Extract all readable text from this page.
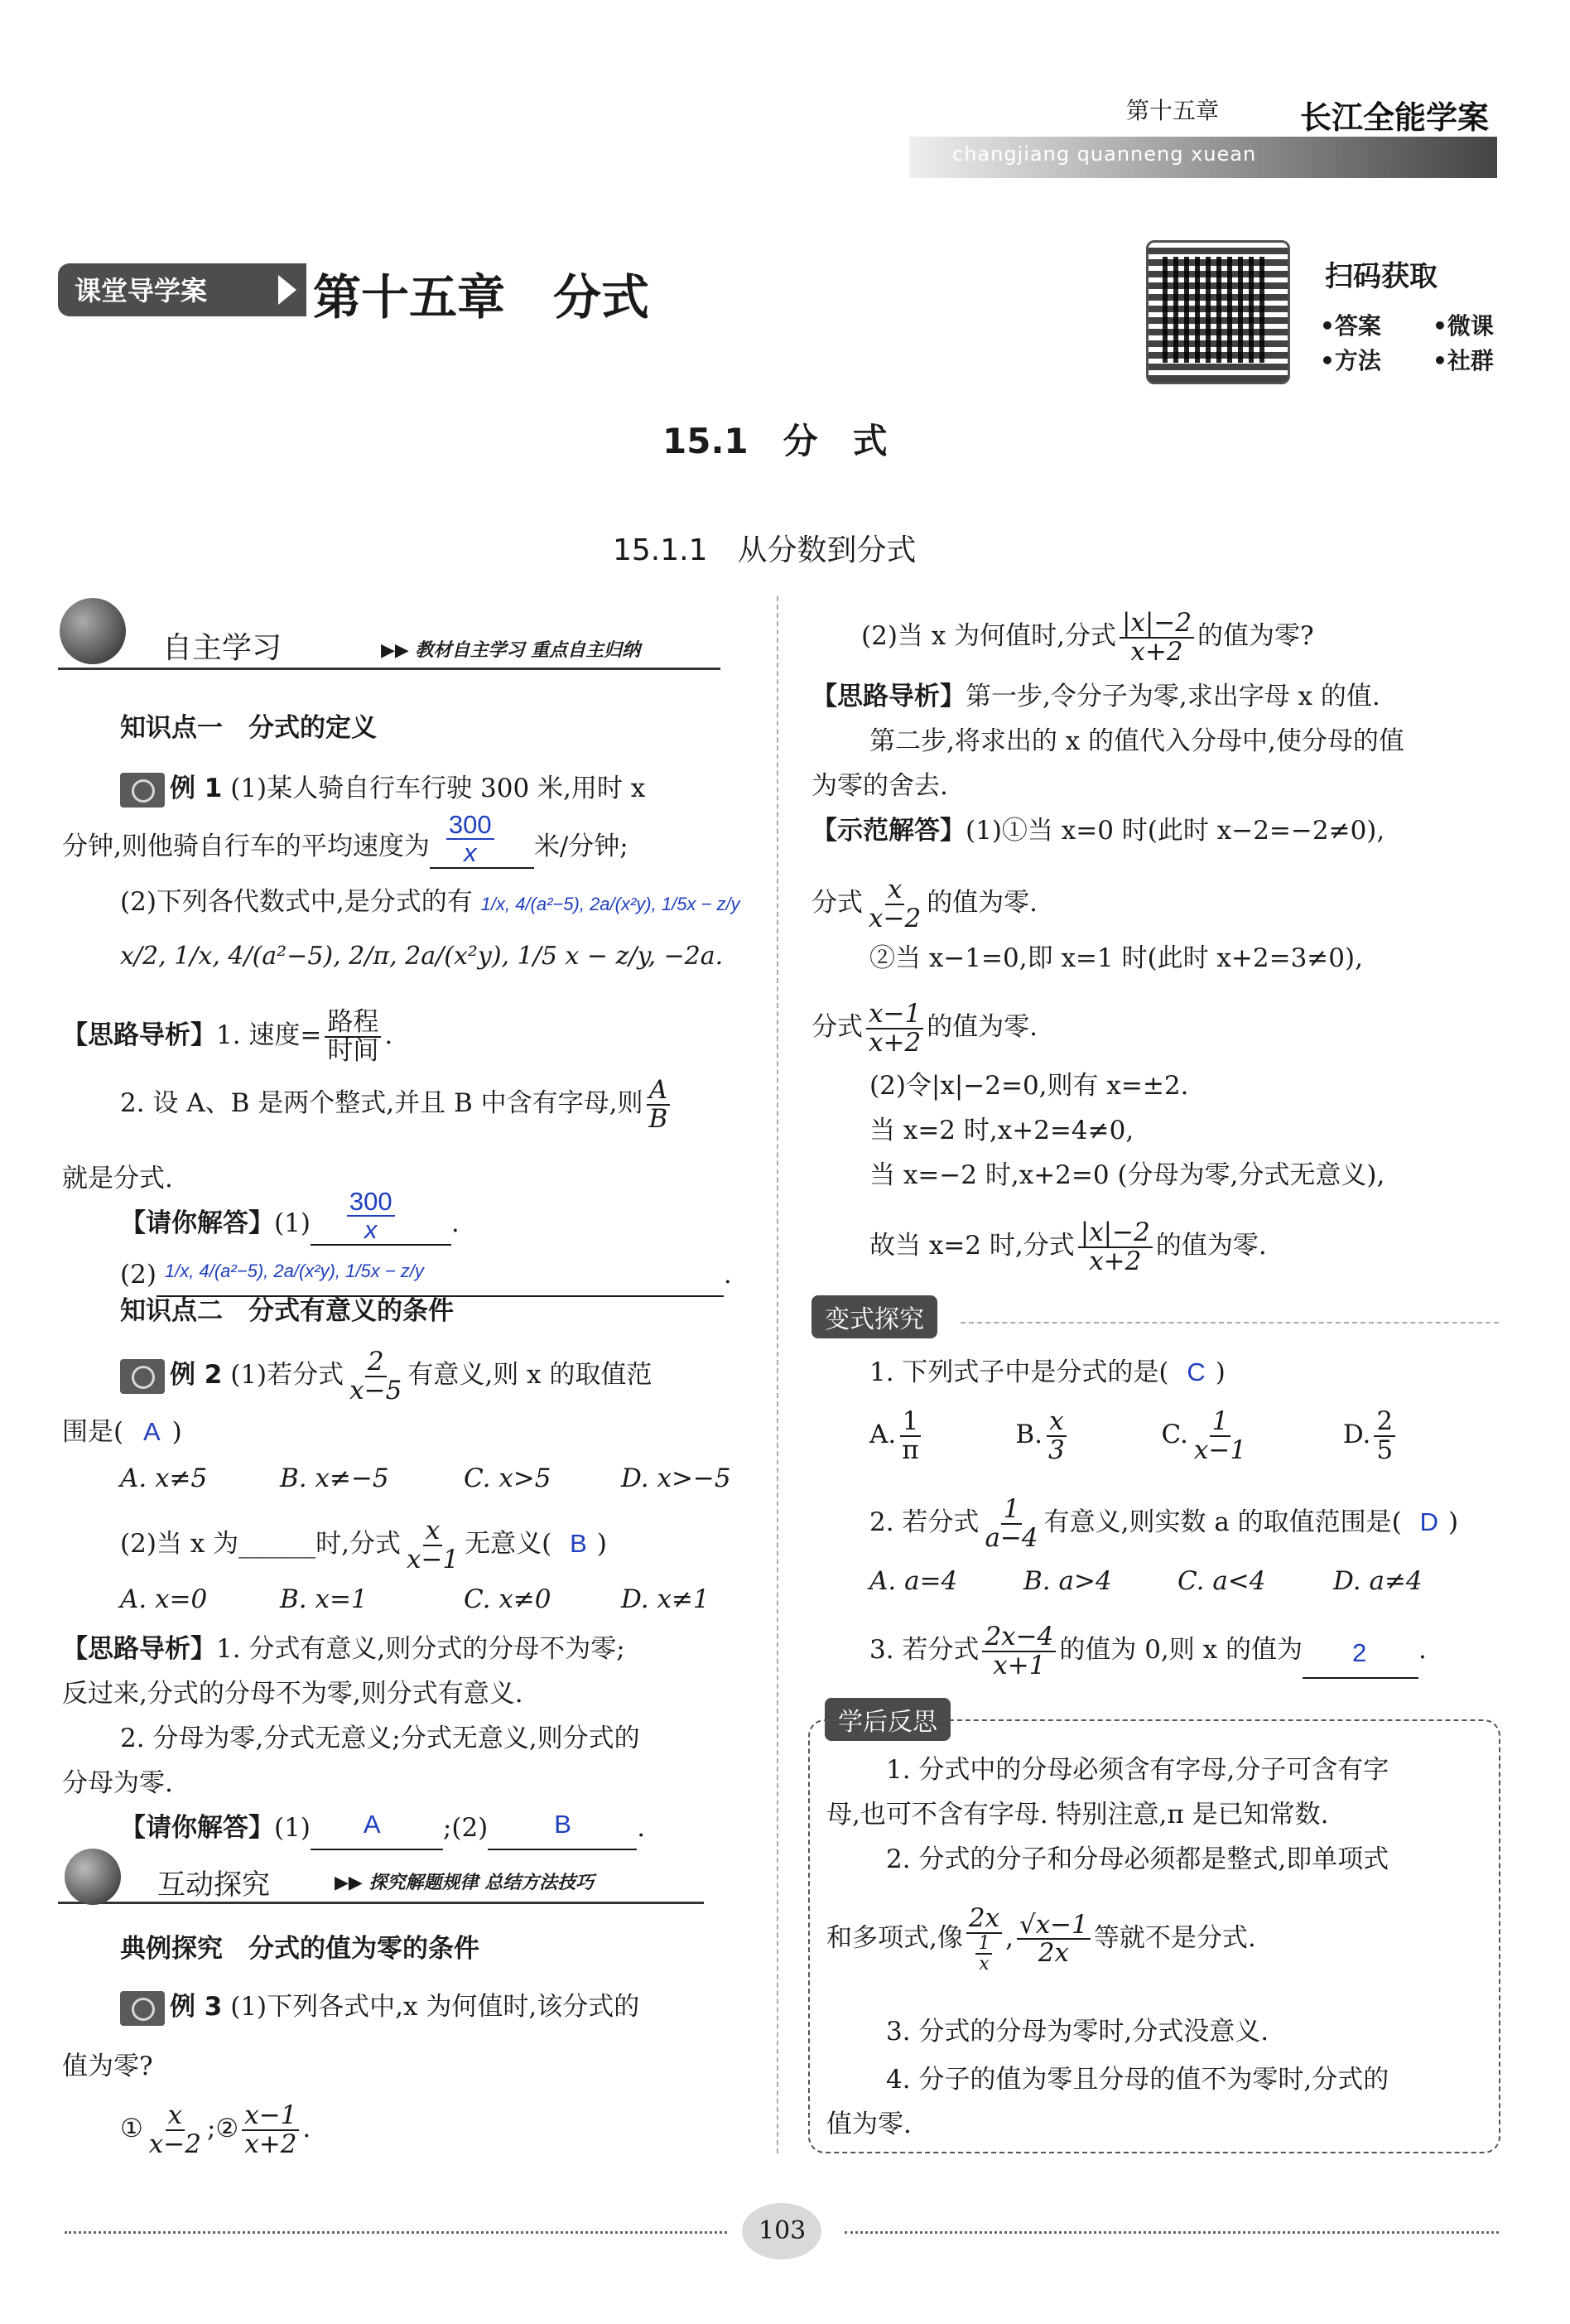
第十五章
changjiang quanneng xuean
长江全能学案
课堂导学案 第十五章　分式	扫码获取
•答案 •微课
•方法 •社群
15.1　分　式
15.1.1　从分数到分式
自主学习	▶▶ 教材自主学习 重点自主归纳
知识点一　分式的定义
例 1 (1)某人骑自行车行驶 300 米,用时 x
分钟,则他骑自行车的平均速度为 $\frac{300}{x}$ 米/分钟;
(2)下列各代数式中,是分式的有 1/x, 4/(a²−5), 2a/(x²y), 1/5x − z/y
x/2, 1/x, 4/(a²−5), 2/π, 2a/(x²y), 1/5 x − z/y, −2a.
【思路导析】1. 速度= $\frac{\text{路程}}{\text{时间}}$ .
2. 设 A、B 是两个整式,并且 B 中含有字母,则 $\frac{A}{B}$
就是分式.
【请你解答】$(1) \frac{300}{x}$ .
(2) 1/x, 4/(a²−5), 2a/(x²y), 1/5x − z/y	.
知识点二　分式有意义的条件
例 2 (1)若分式 $\frac{2}{x-5}$ 有意义,则 x 的取值范
围是( A )
A. x≠5	B. x≠−5	C. x>5	D. x>−5
(2)当 x 为______时,分式 $\frac{x}{x-1}$ 无意义( B )
A. x=0	B. x=1	C. x≠0	D. x≠1
【思路导析】1. 分式有意义,则分式的分母不为零;
反过来,分式的分母不为零,则分式有意义.
2. 分母为零,分式无意义;分式无意义,则分式的
分母为零.
【请你解答】(1) A ;(2)	B	.
互动探究	▶▶ 探究解题规律 总结方法技巧
典例探究　分式的值为零的条件
例 3 (1)下列各式中,x 为何值时,该分式的
值为零?
① $\frac{x}{x-2}$ ;② $\frac{x-1}{x+2}$ .
(2)当 x 为何值时,分式 $\frac{|x|-2}{x+2}$ 的值为零?
【思路导析】第一步,令分子为零,求出字母 x 的值.
第二步,将求出的 x 的值代入分母中,使分母的值
为零的舍去.
【示范解答】(1)①当 x=0 时(此时 x−2=−2≠0),
分式 $\frac{x}{x-2}$ 的值为零.
②当 x−1=0,即 x=1 时(此时 x+2=3≠0),
分式 $\frac{x-1}{x+2}$ 的值为零.
(2)令|x|−2=0,则有 x=±2.
当 x=2 时,x+2=4≠0,
当 x=−2 时,x+2=0 (分母为零,分式无意义),
故当 x=2 时,分式 $\frac{|x|-2}{x+2}$ 的值为零.
变式探究
1. 下列式子中是分式的是( C )
A. $\frac{1}{\pi}$	B. $\frac{x}{3}$	C. $\frac{1}{x-1}$	D. $\frac{2}{5}$
2. 若分式 $\frac{1}{a-4}$ 有意义,则实数 a 的取值范围是( D )
A. a=4	B. a>4	C. a<4	D. a≠4
3. 若分式 $\frac{2x-4}{x+1}$ 的值为 0,则 x 的值为 2 .
学后反思
1. 分式中的分母必须含有字母,分子可含有字
母,也可不含有字母. 特别注意,π 是已知常数.
2. 分式的分子和分母必须都是整式,即单项式
和多项式,像 $\frac{2x}{\frac{1}{x}}$ , $\frac{√x-1}{2x}$ 等就不是分式.
3. 分式的分母为零时,分式没意义.
4. 分子的值为零且分母的值不为零时,分式的
值为零.
103
